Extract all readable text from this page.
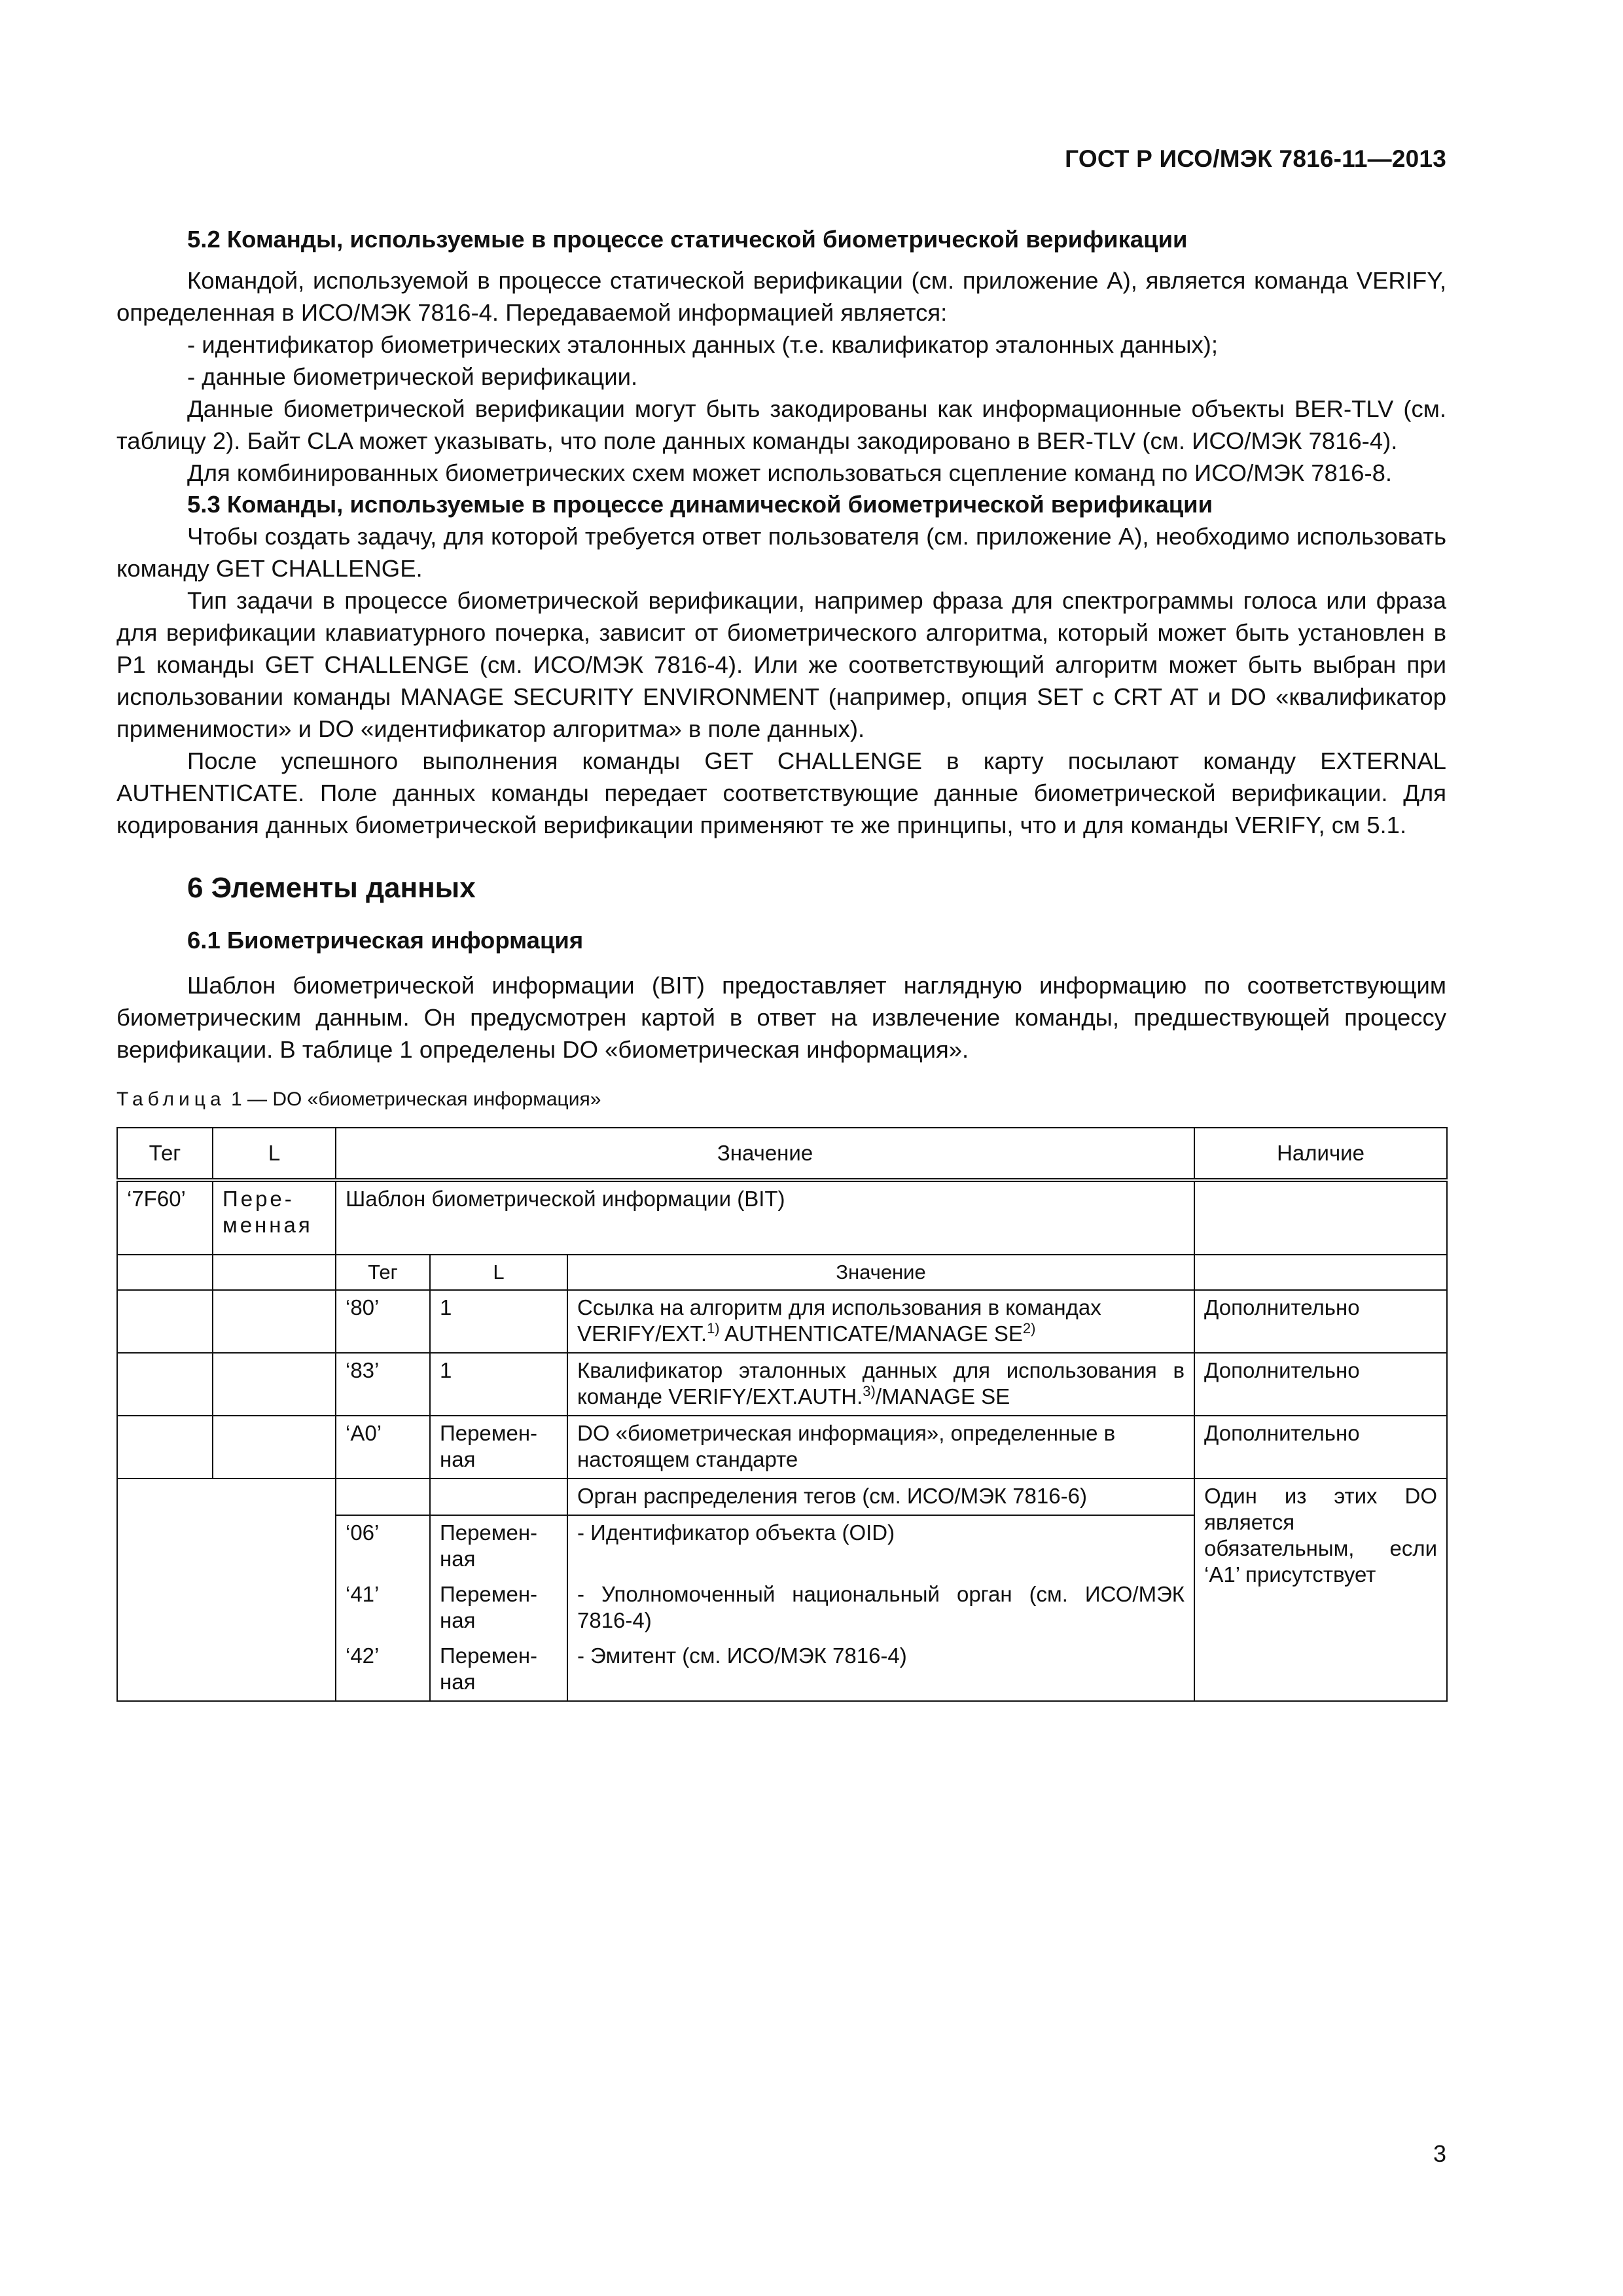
ГОСТ Р ИСО/МЭК 7816-11—2013
5.2 Команды, используемые в процессе статической биометрической верификации

Командой, используемой в процессе статической верификации (см. приложение А), является команда VERIFY, определенная в ИСО/МЭК 7816-4. Передаваемой информацией является:

- идентификатор биометрических эталонных данных (т.е. квалификатор эталонных данных);

- данные биометрической верификации.

Данные биометрической верификации могут быть закодированы как информационные объекты BER-TLV (см. таблицу 2). Байт CLA может указывать, что поле данных команды закодировано в BER-TLV (см. ИСО/МЭК 7816-4).

Для комбинированных биометрических схем может использоваться сцепление команд по ИСО/МЭК 7816-8.

5.3 Команды, используемые в процессе динамической биометрической верификации

Чтобы создать задачу, для которой требуется ответ пользователя (см. приложение А), необходимо использовать команду GET CHALLENGE.

Тип задачи в процессе биометрической верификации, например фраза для спектрограммы голоса или фраза для верификации клавиатурного почерка, зависит от биометрического алгоритма, который может быть установлен в Р1 команды GET CHALLENGE (см. ИСО/МЭК 7816-4). Или же соответствующий алгоритм может быть выбран при использовании команды MANAGE SECURITY ENVIRONMENT (например, опция SET с CRT AT и DO «квалификатор применимости» и DO «идентификатор алгоритма» в поле данных).

После успешного выполнения команды GET CHALLENGE в карту посылают команду EXTERNAL AUTHENTICATE. Поле данных команды передает соответствующие данные биометрической верификации. Для кодирования данных биометрической верификации применяют те же принципы, что и для команды VERIFY, см 5.1.

6 Элементы данных
6.1 Биометрическая информация

Шаблон биометрической информации (BIT) предоставляет наглядную информацию по соответствующим биометрическим данным. Он предусмотрен картой в ответ на извлечение команды, предшествующей процессу верификации. В таблице 1 определены DO «биометрическая информация».

Таблица 1 — DO «биометрическая информация»

Тег	L	Значение			Наличие
‘7F60’	Пере-менная	Шаблон биометрической информации (BIT)			
		Тег	L	Значение	
		‘80’	1	Ссылка на алгоритм для использования в командах VERIFY/EXT.$^{1)}$ AUTHENTICATE/MANAGE SE$^{2)}$	Дополнительно
		‘83’	1	Квалификатор эталонных данных для использования в команде VERIFY/EXT.AUTH.$^{3)}$/MANAGE SE	Дополнительно
		‘A0’	Перемен-ная	DO «биометрическая информация», определенные в настоящем стандарте	Дополнительно
				Орган распределения тегов (см. ИСО/МЭК 7816-6)	Один из этих DO является обязательным, если ‘A1’ присутствует
		‘06’	Перемен-ная	- Идентификатор объекта (OID)	
		‘41’	Перемен-ная	- Уполномоченный национальный орган (см. ИСО/МЭК 7816-4)	
		‘42’	Перемен-ная	- Эмитент (см. ИСО/МЭК 7816-4)	
3
